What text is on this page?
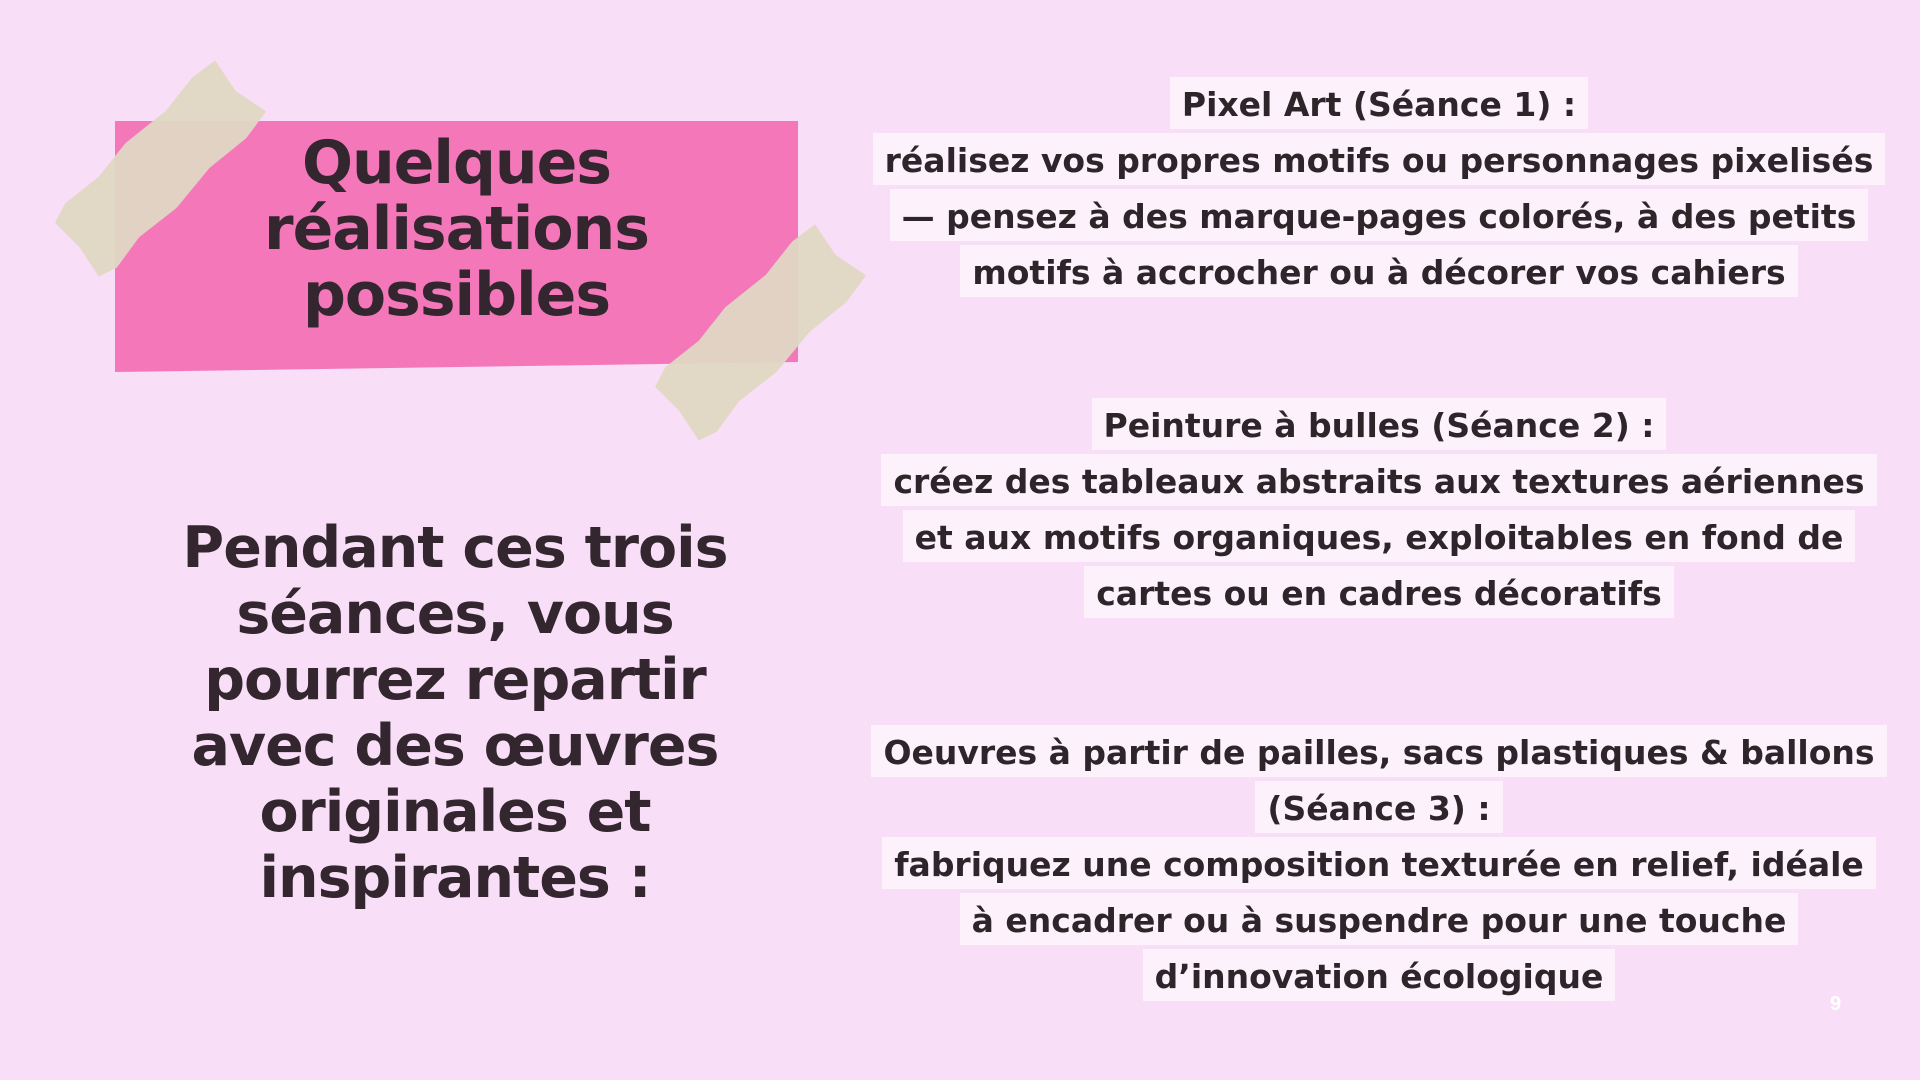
Quelques
réalisations
possibles

Pendant ces trois
séances, vous
pourrez repartir
avec des œuvres
originales et
inspirantes :

Pixel Art (Séance 1) :
réalisez vos propres motifs ou personnages pixelisés
— pensez à des marque-pages colorés, à des petits
motifs à accrocher ou à décorer vos cahiers
Peinture à bulles (Séance 2) :
créez des tableaux abstraits aux textures aériennes
et aux motifs organiques, exploitables en fond de
cartes ou en cadres décoratifs
Oeuvres à partir de pailles, sacs plastiques & ballons
(Séance 3) :
fabriquez une composition texturée en relief, idéale
à encadrer ou à suspendre pour une touche
d’innovation écologique
9
